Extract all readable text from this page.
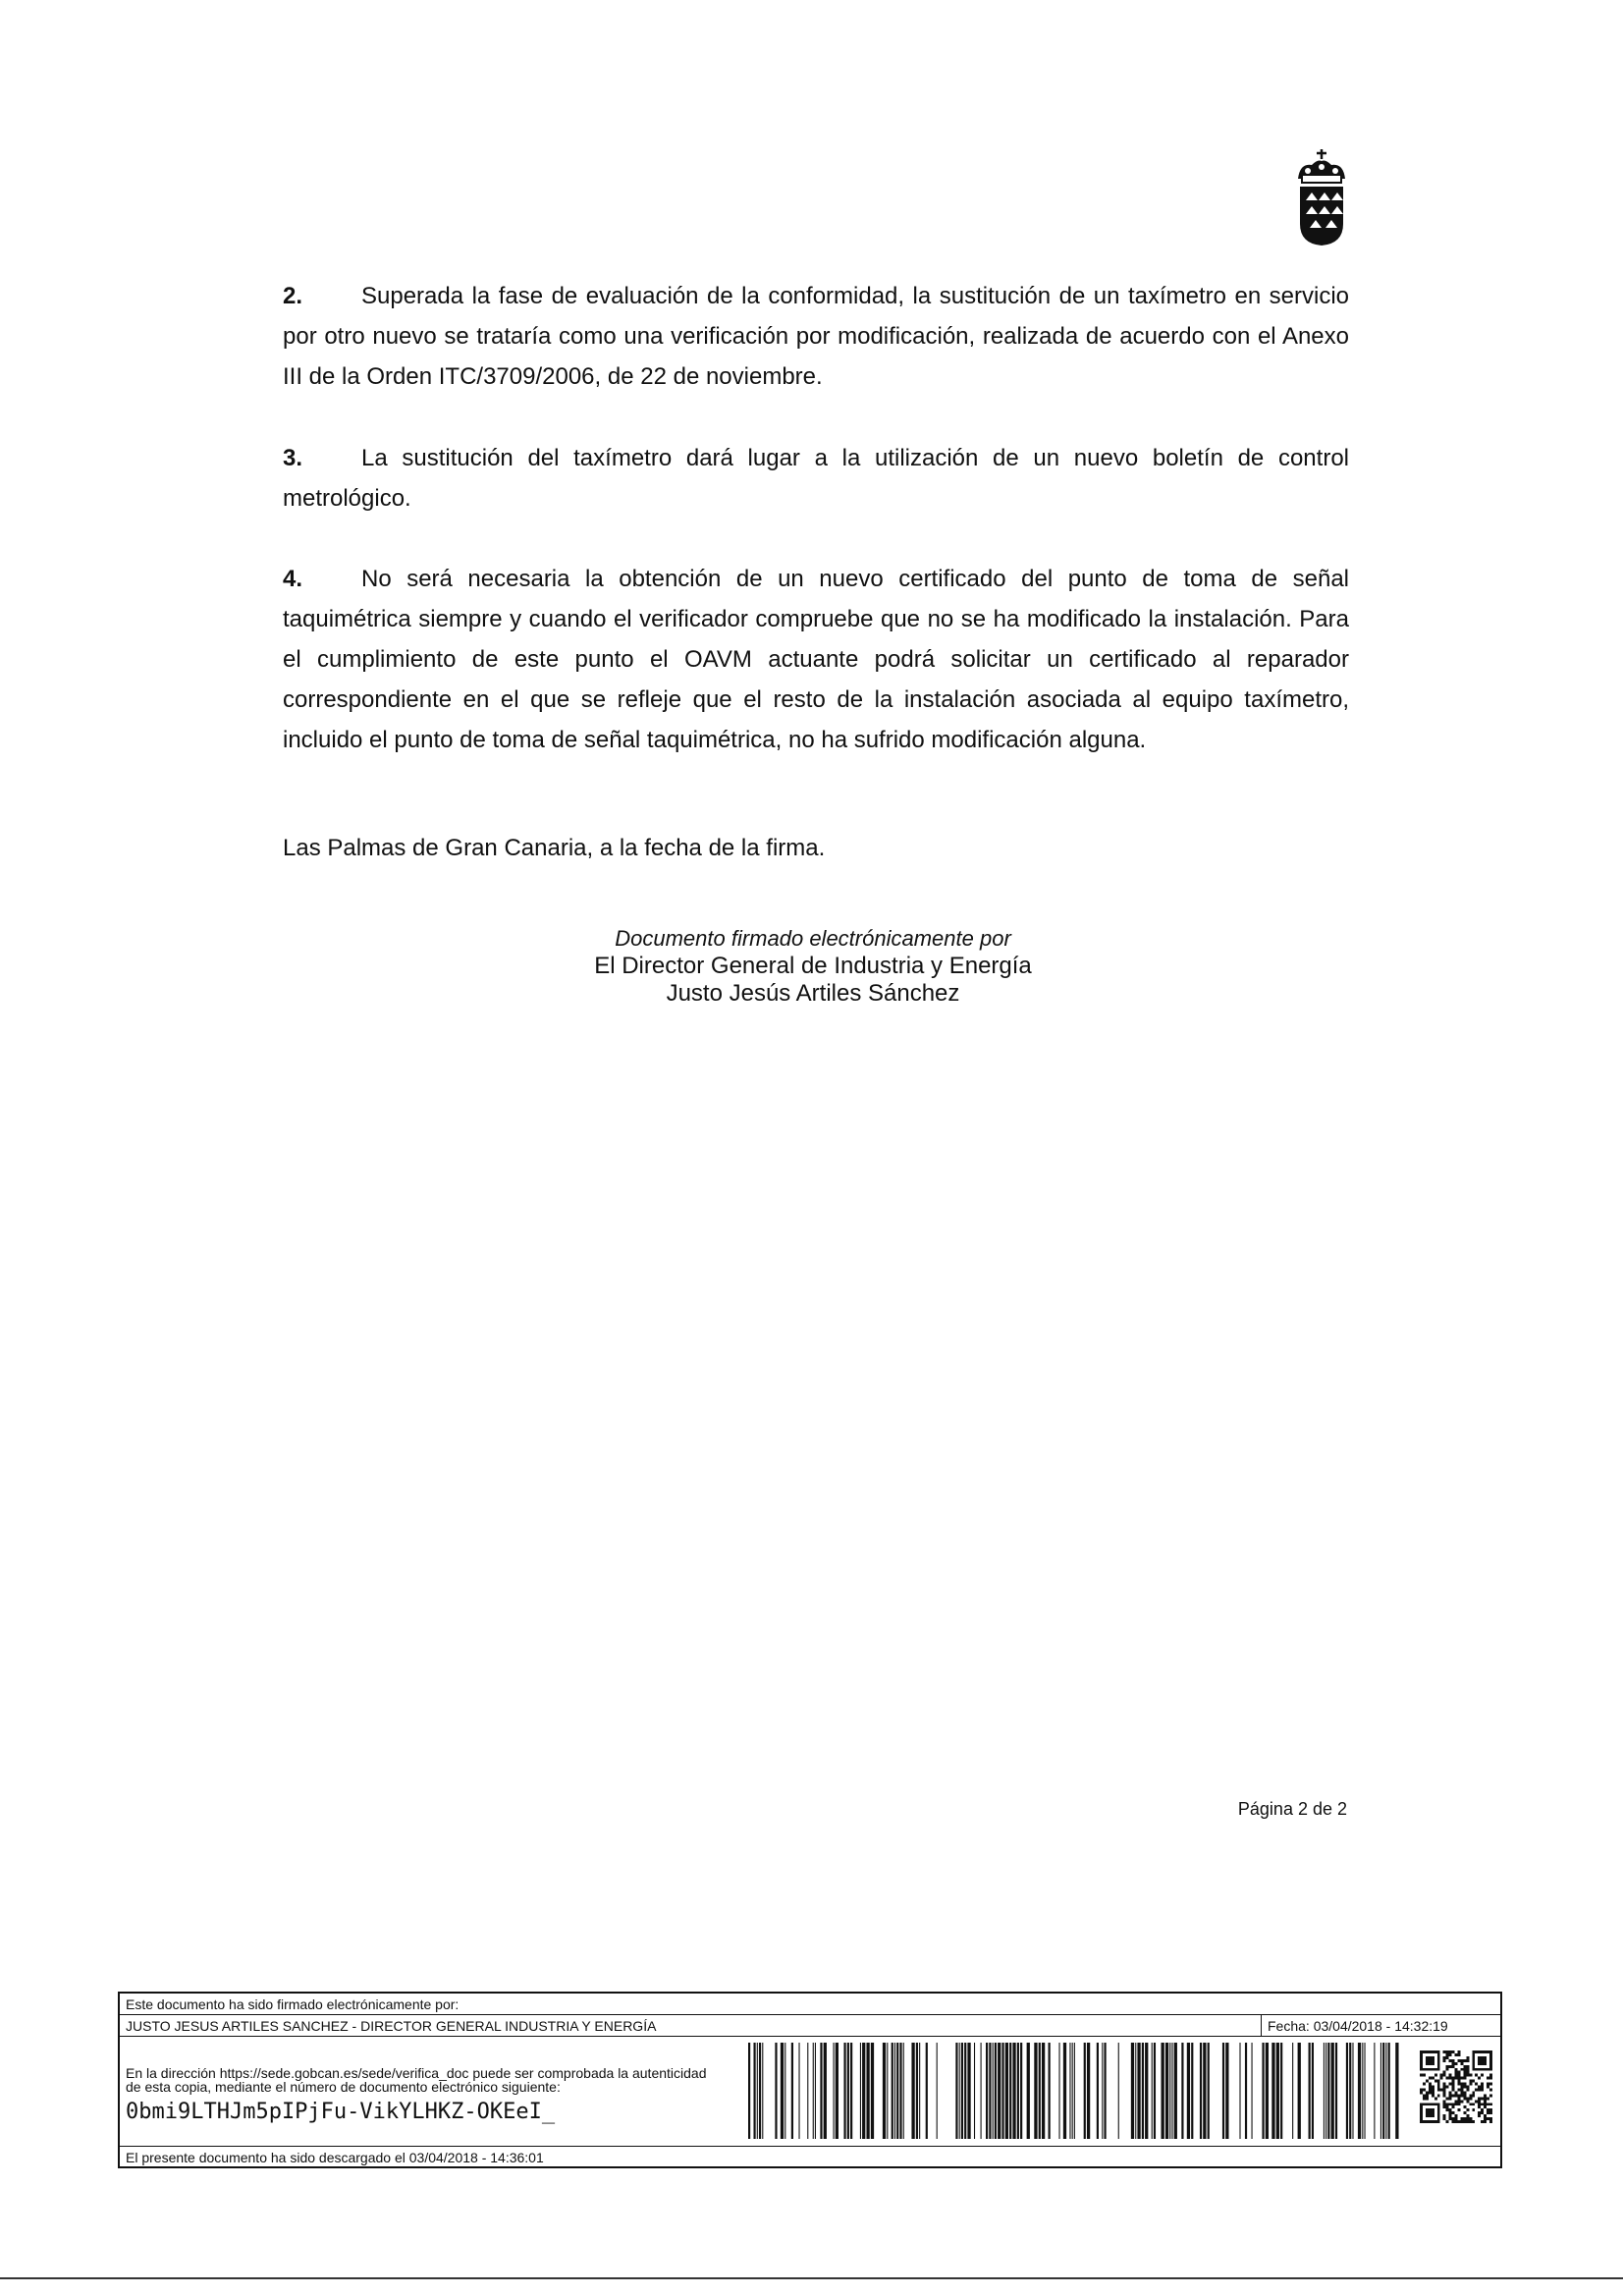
2. Superada la fase de evaluación de la conformidad, la sustitución de un taxímetro en servicio por otro nuevo se trataría como una verificación por modificación, realizada de acuerdo con el Anexo III de la Orden ITC/3709/2006, de 22 de noviembre.

3. La sustitución del taxímetro dará lugar a la utilización de un nuevo boletín de control metrológico.

4. No será necesaria la obtención de un nuevo certificado del punto de toma de señal taquimétrica siempre y cuando el verificador compruebe que no se ha modificado la instalación. Para el cumplimiento de este punto el OAVM actuante podrá solicitar un certificado al reparador correspondiente en el que se refleje que el resto de la instalación asociada al equipo taxímetro, incluido el punto de toma de señal taquimétrica, no ha sufrido modificación alguna.

Las Palmas de Gran Canaria, a la fecha de la firma.

Documento firmado electrónicamente por
El Director General de Industria y Energía
Justo Jesús Artiles Sánchez
Página 2 de 2
Este documento ha sido firmado electrónicamente por:
JUSTO JESUS ARTILES SANCHEZ - DIRECTOR GENERAL INDUSTRIA Y ENERGÍA	Fecha: 03/04/2018 - 14:32:19
En la dirección https://sede.gobcan.es/sede/verifica_doc puede ser comprobada la autenticidad de esta copia, mediante el número de documento electrónico siguiente:
0bmi9LTHJm5pIPjFu-VikYLHKZ-OKEeI_
El presente documento ha sido descargado el 03/04/2018 - 14:36:01
